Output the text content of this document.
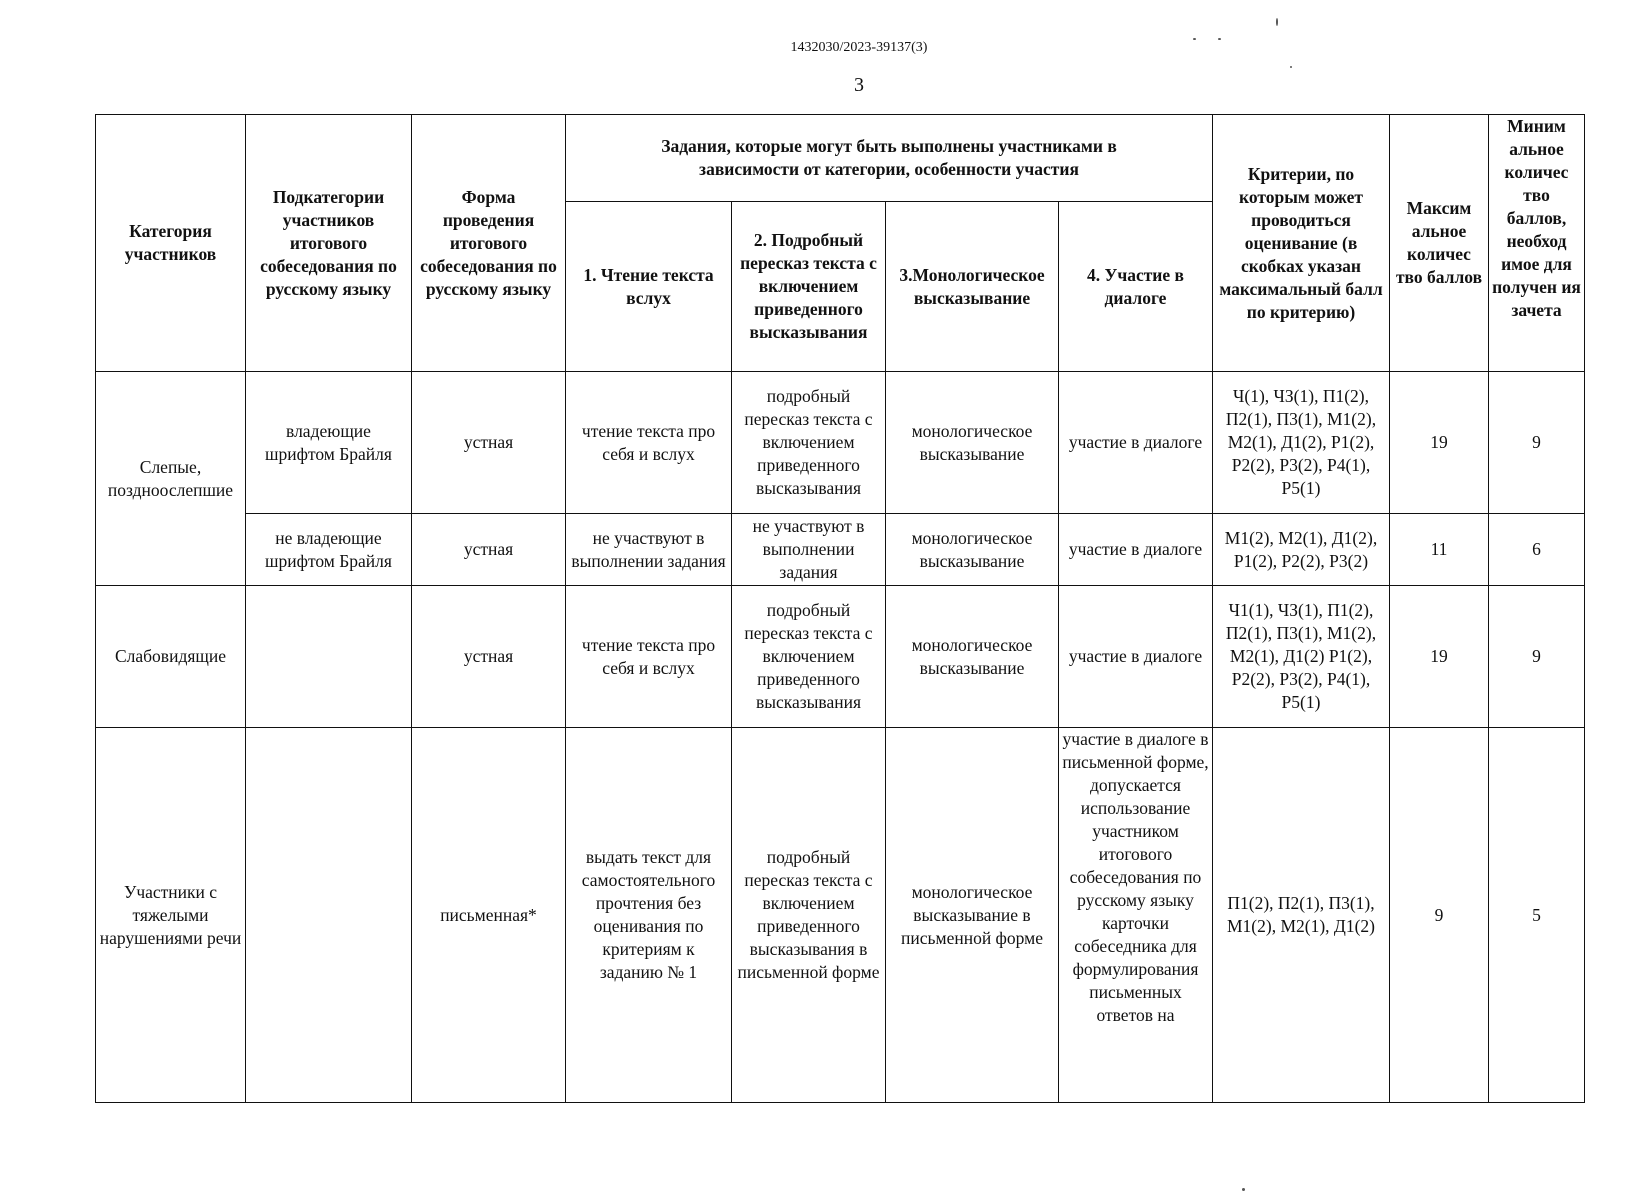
1432030/2023-39137(3)
3
Категория участников	Подкатегории участников итогового собеседования по русскому языку	Форма проведения итогового собеседования по русскому языку	Задания, которые могут быть выполнены участниками в зависимости от категории, особенности участия				Критерии, по которым может проводиться оценивание (в скобках указан максимальный балл по критерию)	Максим альное количес тво баллов	Миним альное количес тво баллов, необход имое для получен ия зачета
			1. Чтение текста вслух	2. Подробный пересказ текста с включением приведенного высказывания	3.Монологическое высказывание	4. Участие в диалоге			
Слепые, поздноослепшие	владеющие шрифтом Брайля	устная	чтение текста про себя и вслух	подробный пересказ текста с включением приведенного высказывания	монологическое высказывание	участие в диалоге	Ч(1), ЧЗ(1), П1(2), П2(1), П3(1), М1(2), М2(1), Д1(2), Р1(2), Р2(2), Р3(2), Р4(1), Р5(1)	19	9
	не владеющие шрифтом Брайля	устная	не участвуют в выполнении задания	не участвуют в выполнении задания	монологическое высказывание	участие в диалоге	М1(2), М2(1), Д1(2), Р1(2), Р2(2), Р3(2)	11	6
Слабовидящие		устная	чтение текста про себя и вслух	подробный пересказ текста с включением приведенного высказывания	монологическое высказывание	участие в диалоге	Ч1(1), ЧЗ(1), П1(2), П2(1), П3(1), М1(2), М2(1), Д1(2) Р1(2), Р2(2), Р3(2), Р4(1), Р5(1)	19	9
Участники с тяжелыми нарушениями речи		письменная*	выдать текст для самостоятельного прочтения без оценивания по критериям к заданию № 1	подробный пересказ текста с включением приведенного высказывания в письменной форме	монологическое высказывание в письменной форме	участие в диалоге в письменной форме, допускается использование участником итогового собеседования по русскому языку карточки собеседника для формулирования письменных ответов на	П1(2), П2(1), П3(1), М1(2), М2(1), Д1(2)	9	5
